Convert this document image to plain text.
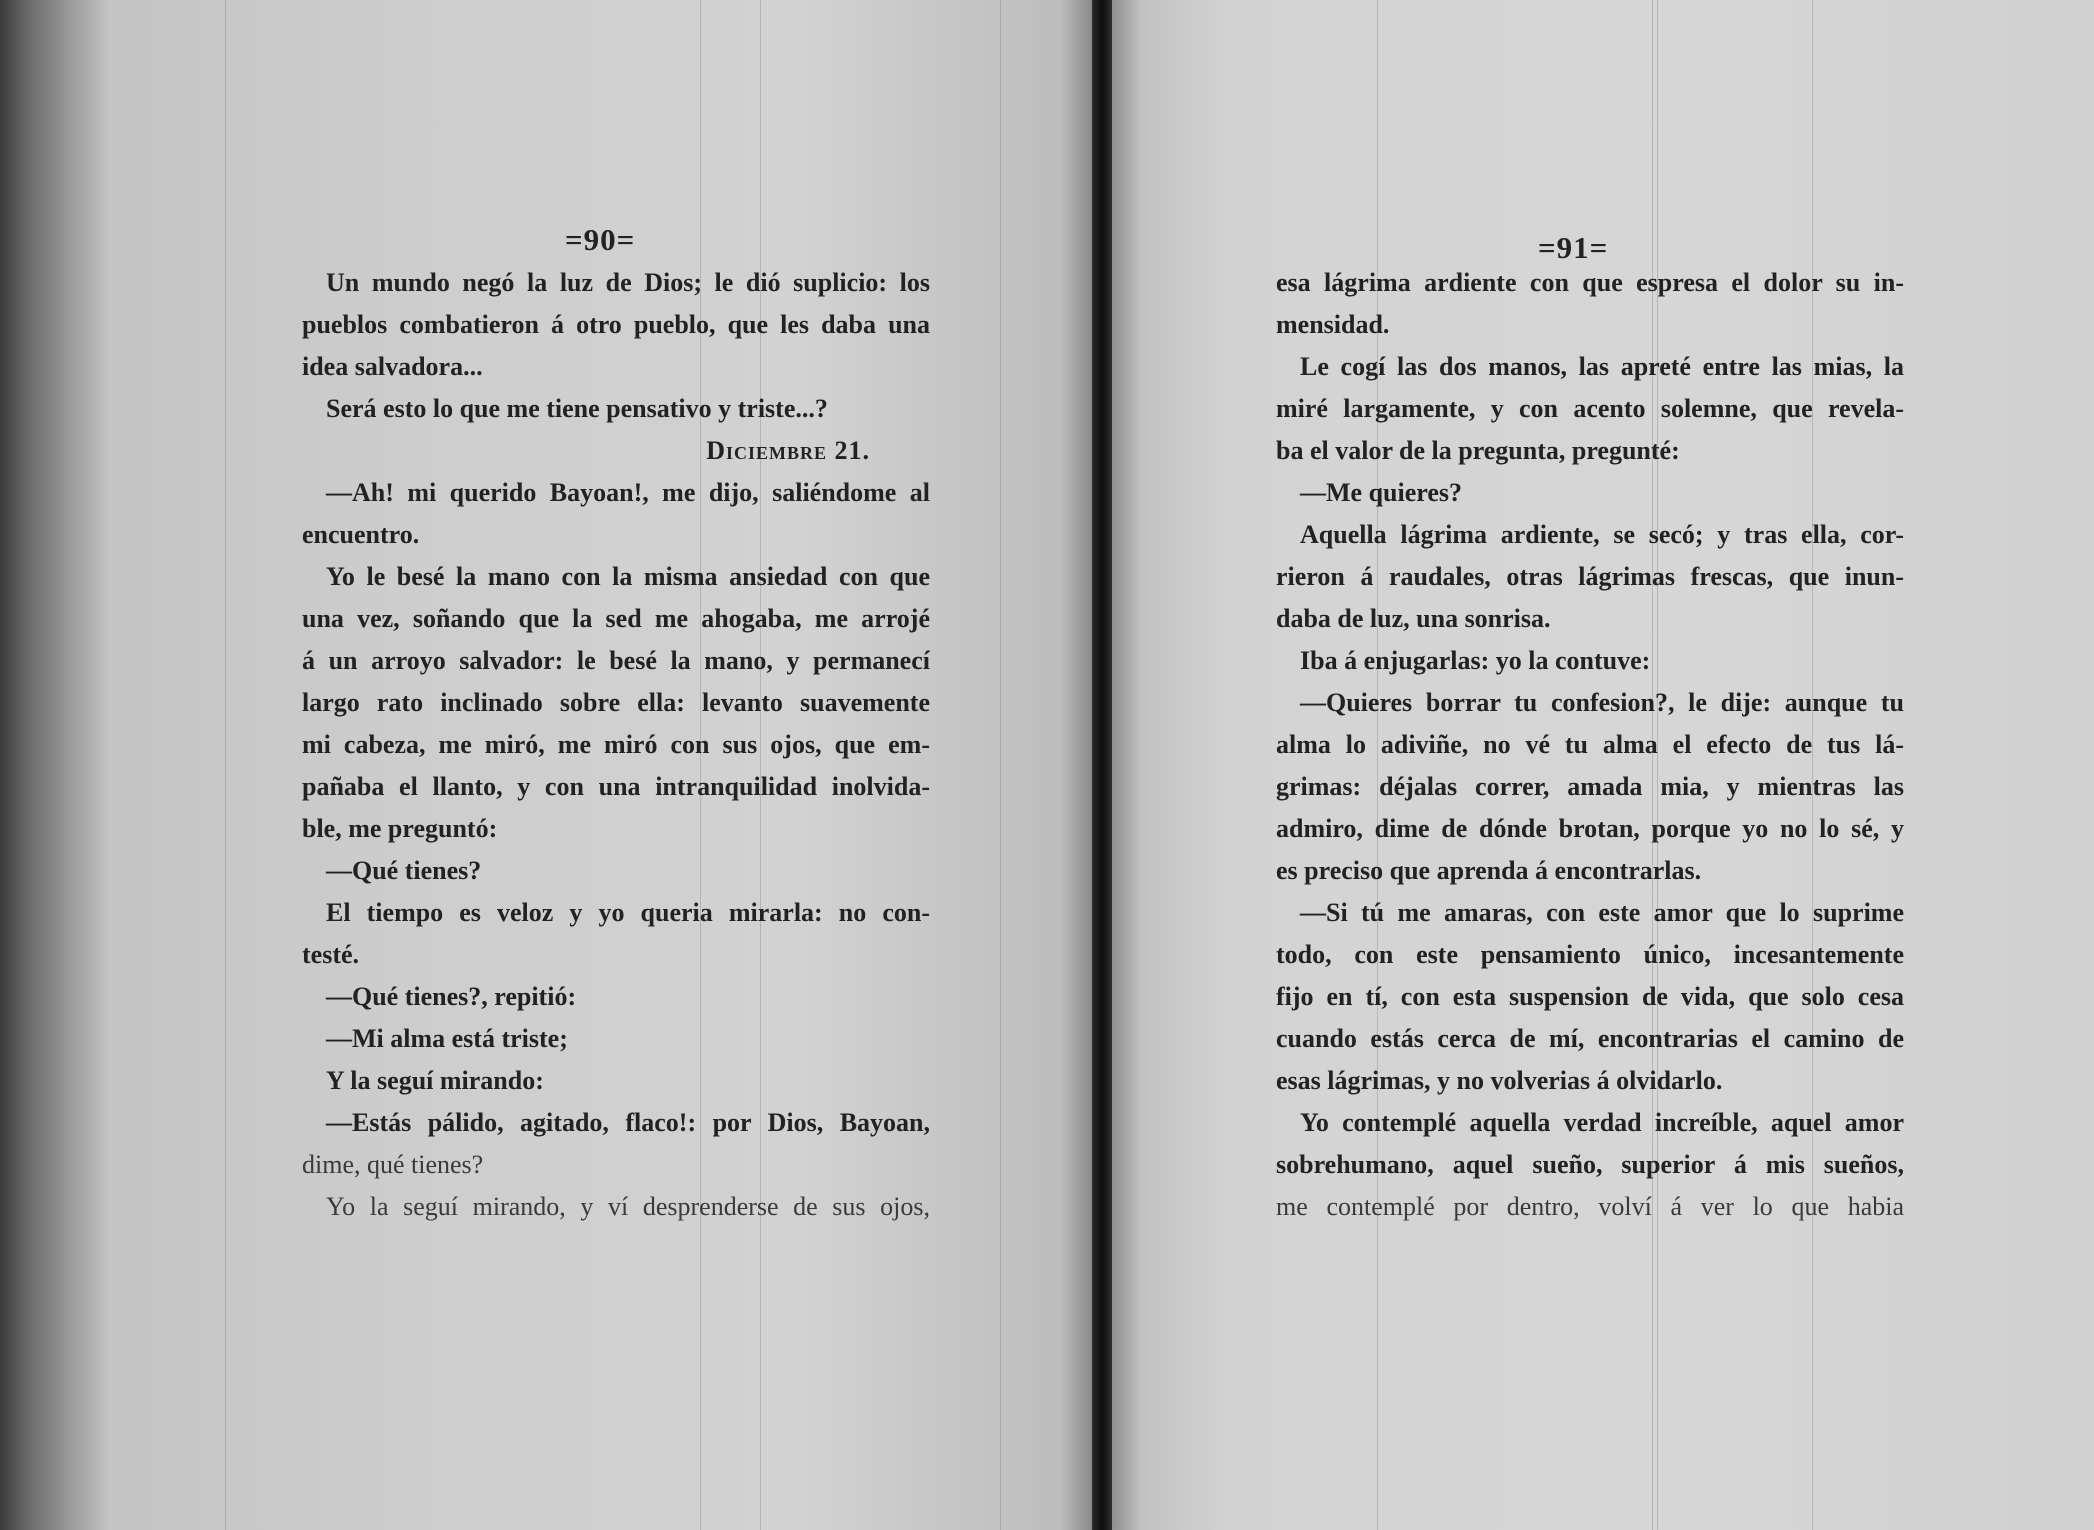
=90=
Un mundo negó la luz de Dios; le dió suplicio: los
pueblos combatieron á otro pueblo, que les daba una
idea salvadora...
Será esto lo que me tiene pensativo y triste...?
Diciembre 21.
—Ah! mi querido Bayoan!, me dijo, saliéndome al
encuentro.
Yo le besé la mano con la misma ansiedad con que
una vez, soñando que la sed me ahogaba, me arrojé
á un arroyo salvador: le besé la mano, y permanecí
largo rato inclinado sobre ella: levanto suavemente
mi cabeza, me miró, me miró con sus ojos, que em-
pañaba el llanto, y con una intranquilidad inolvida-
ble, me preguntó:
—Qué tienes?
El tiempo es veloz y yo queria mirarla: no con-
testé.
—Qué tienes?, repitió:
—Mi alma está triste;
Y la seguí mirando:
—Estás pálido, agitado, flaco!: por Dios, Bayoan,
dime, qué tienes?
Yo la seguí mirando, y ví desprenderse de sus ojos,
=91=
esa lágrima ardiente con que espresa el dolor su in-
mensidad.
Le cogí las dos manos, las apreté entre las mias, la
miré largamente, y con acento solemne, que revela-
ba el valor de la pregunta, pregunté:
—Me quieres?
Aquella lágrima ardiente, se secó; y tras ella, cor-
rieron á raudales, otras lágrimas frescas, que inun-
daba de luz, una sonrisa.
Iba á enjugarlas: yo la contuve:
—Quieres borrar tu confesion?, le dije: aunque tu
alma lo adiviñe, no vé tu alma el efecto de tus lá-
grimas: déjalas correr, amada mia, y mientras las
admiro, dime de dónde brotan, porque yo no lo sé, y
es preciso que aprenda á encontrarlas.
—Si tú me amaras, con este amor que lo suprime
todo, con este pensamiento único, incesantemente
fijo en tí, con esta suspension de vida, que solo cesa
cuando estás cerca de mí, encontrarias el camino de
esas lágrimas, y no volverias á olvidarlo.
Yo contemplé aquella verdad increíble, aquel amor
sobrehumano, aquel sueño, superior á mis sueños,
me contemplé por dentro, volví á ver lo que habia
